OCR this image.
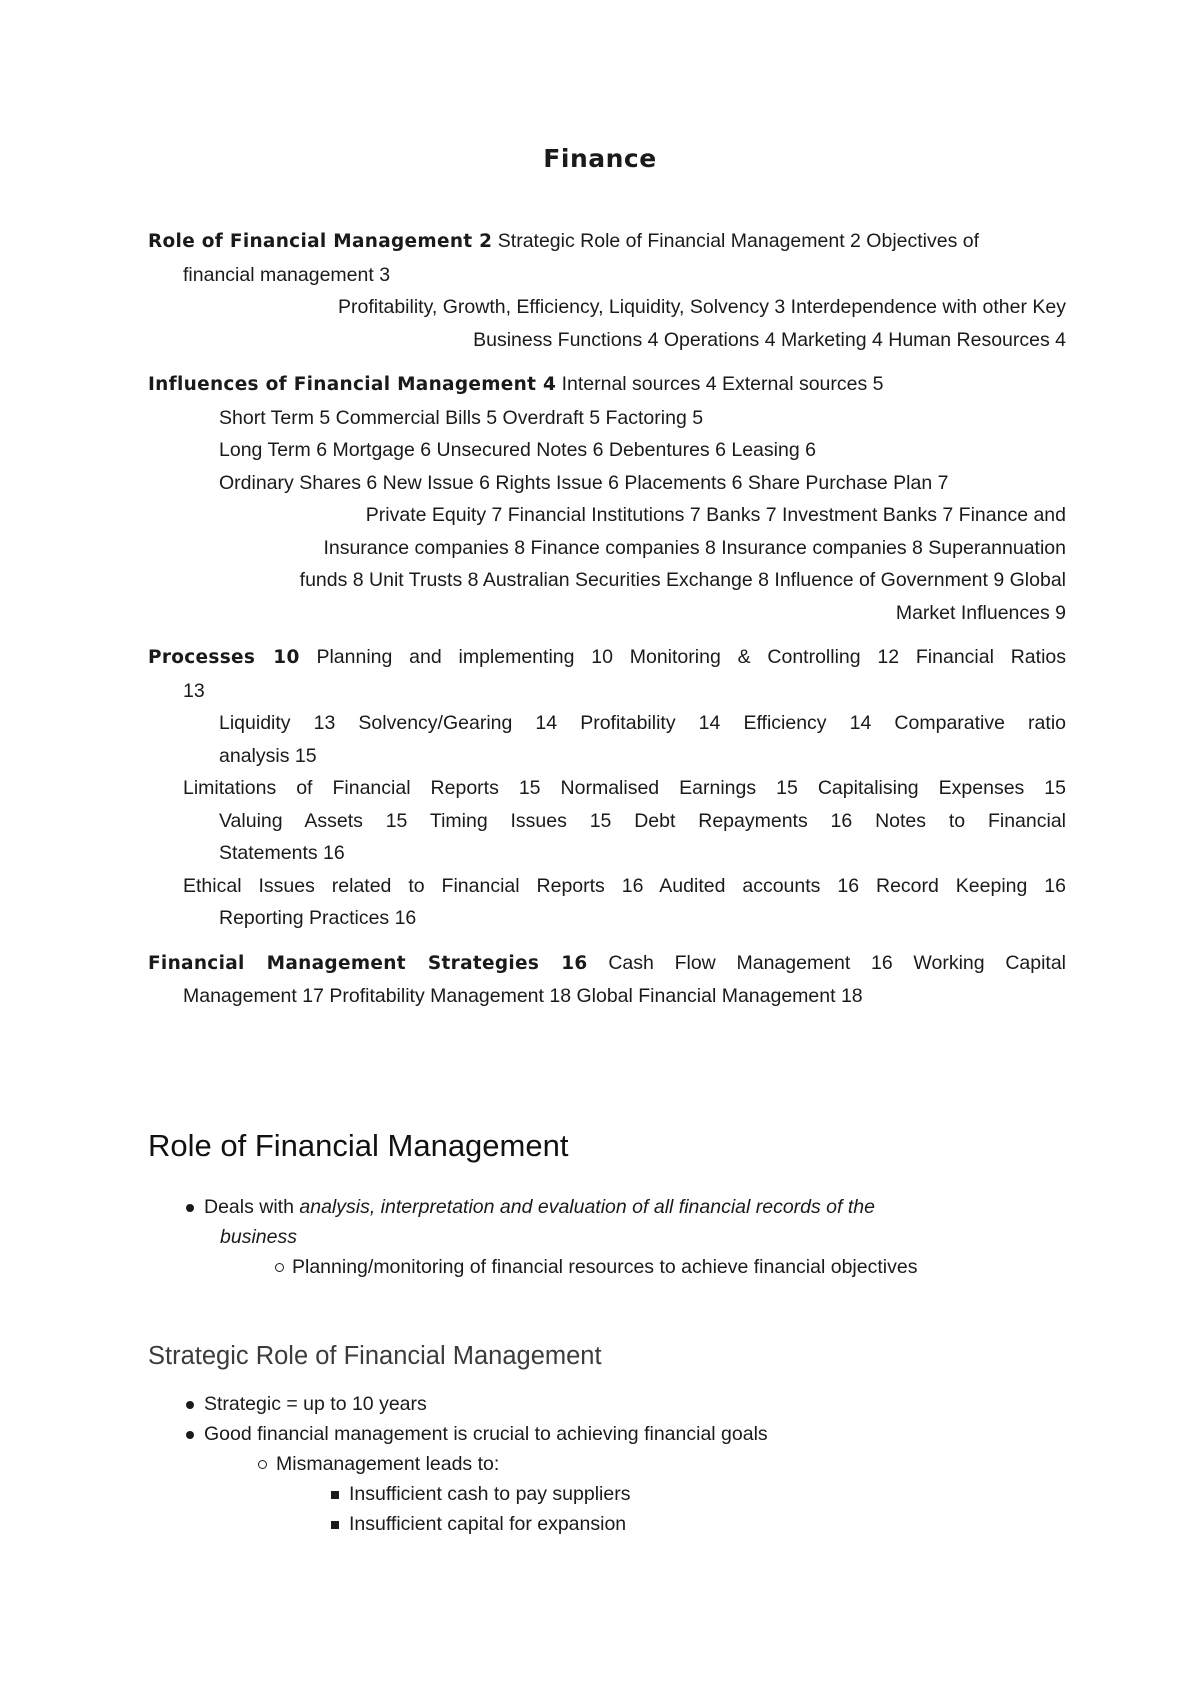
Finance

Role of Financial Management 2 Strategic Role of Financial Management 2 Objectives of

financial management 3

Profitability, Growth, Efficiency, Liquidity, Solvency 3 Interdependence with other Key

Business Functions 4 Operations 4 Marketing 4 Human Resources 4

Influences of Financial Management 4 Internal sources 4 External sources 5

Short Term 5 Commercial Bills 5 Overdraft 5 Factoring 5

Long Term 6 Mortgage 6 Unsecured Notes 6 Debentures 6 Leasing 6

Ordinary Shares 6 New Issue 6 Rights Issue 6 Placements 6 Share Purchase Plan 7

Private Equity 7 Financial Institutions 7 Banks 7 Investment Banks 7 Finance and

Insurance companies 8 Finance companies 8 Insurance companies 8 Superannuation

funds 8 Unit Trusts 8 Australian Securities Exchange 8 Influence of Government 9 Global

Market Influences 9

Processes 10 Planning and implementing 10 Monitoring & Controlling 12 Financial Ratios

13

Liquidity 13 Solvency/Gearing 14 Profitability 14 Efficiency 14 Comparative ratio

analysis 15

Limitations of Financial Reports 15 Normalised Earnings 15 Capitalising Expenses 15

Valuing Assets 15 Timing Issues 15 Debt Repayments 16 Notes to Financial

Statements 16

Ethical Issues related to Financial Reports 16 Audited accounts 16 Record Keeping 16

Reporting Practices 16

Financial Management Strategies 16 Cash Flow Management 16 Working Capital

Management 17 Profitability Management 18 Global Financial Management 18

Role of Financial Management
Deals with analysis, interpretation and evaluation of all financial records of the
business
Planning/monitoring of financial resources to achieve financial objectives
Strategic Role of Financial Management
Strategic = up to 10 years
Good financial management is crucial to achieving financial goals
Mismanagement leads to:
Insufficient cash to pay suppliers
Insufficient capital for expansion
